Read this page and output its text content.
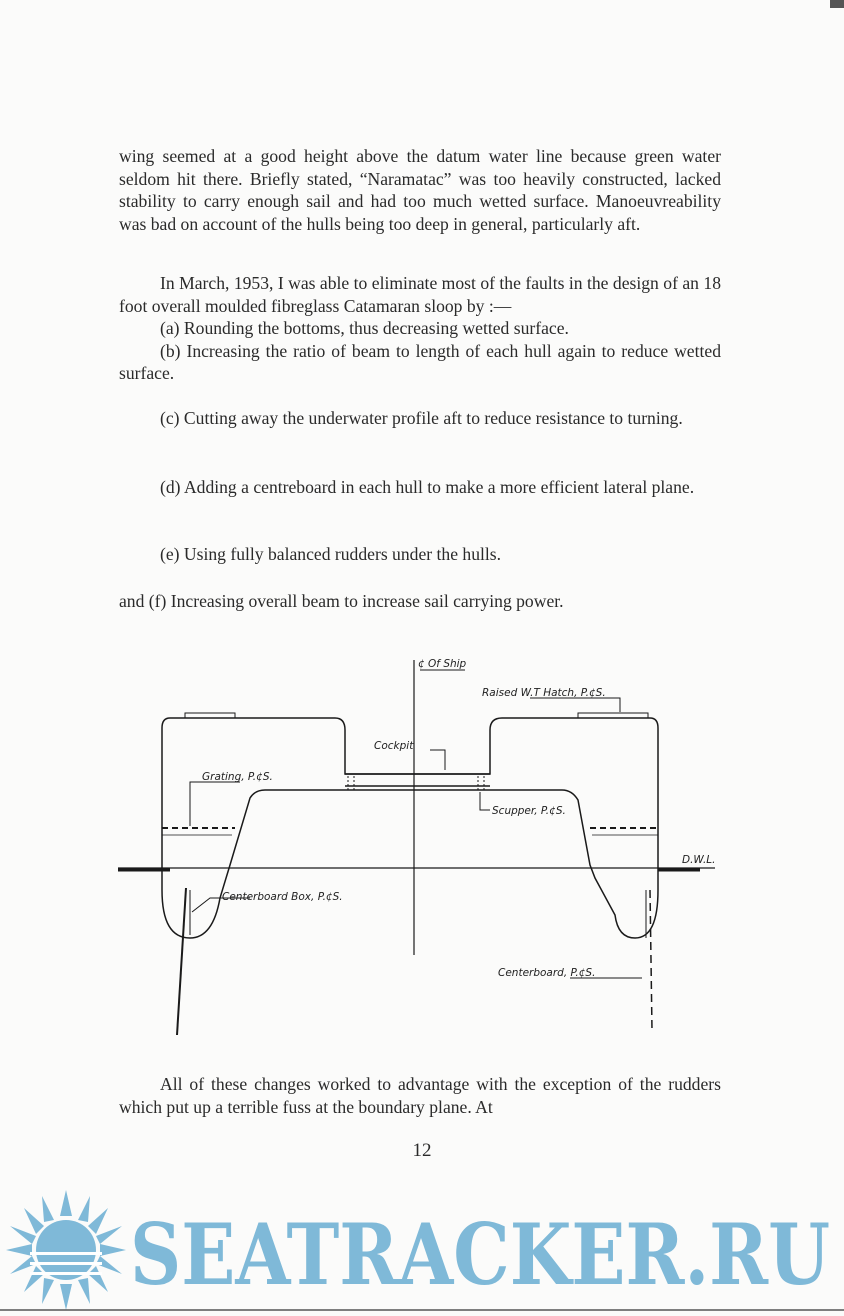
wing seemed at a good height above the datum water line because green water seldom hit there. Briefly stated, “Naramatac” was too heavily constructed, lacked stability to carry enough sail and had too much wetted surface. Manoeuvreability was bad on account of the hulls being too deep in general, particularly aft.

In March, 1953, I was able to eliminate most of the faults in the design of an 18 foot overall moulded fibreglass Catamaran sloop by :—

(a) Rounding the bottoms, thus decreasing wetted surface.

(b) Increasing the ratio of beam to length of each hull again to reduce wetted surface.

(c) Cutting away the underwater profile aft to reduce resistance to turning.

(d) Adding a centreboard in each hull to make a more efficient lateral plane.

(e) Using fully balanced rudders under the hulls.

and (f) Increasing overall beam to increase sail carrying power.

¢ Of Ship
Raised W.T Hatch, P.¢S.
Cockpit
Grating, P.¢S.
Scupper, P.¢S.
D.W.L.
Centerboard Box, P.¢S.
Centerboard, P.¢S.

All of these changes worked to advantage with the exception of the rudders which put up a terrible fuss at the boundary plane. At

12
SEATRACKER.RU
